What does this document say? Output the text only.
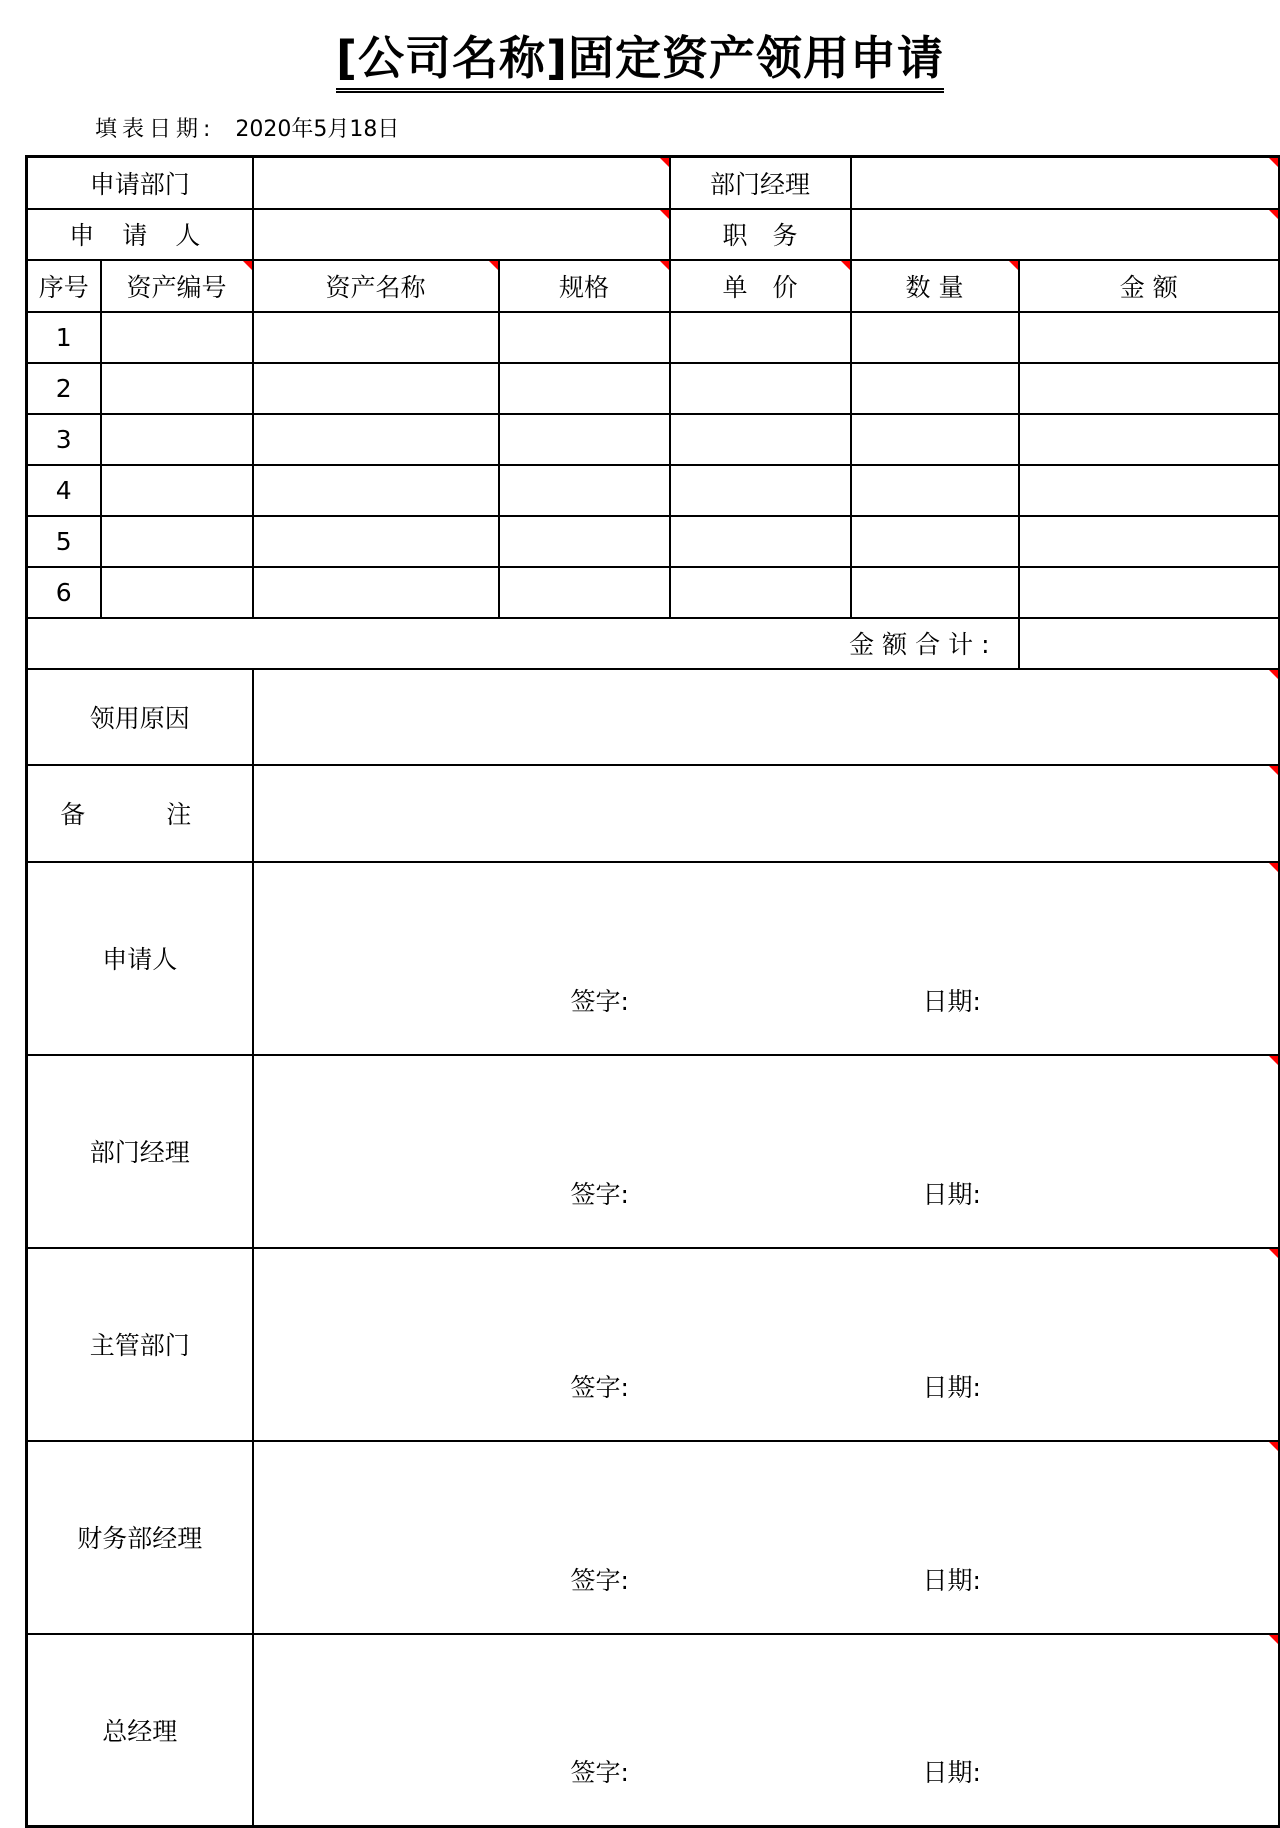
[公司名称]固定资产领用申请
填表日期: 2020年5月18日
申请部门				部门经理		
申 请 人				职　务		
序号	资产编号	资产名称	规格	单　价	数 量	金 额
1						
2						
3						
4						
5						
6						
金额合计:						
领用原因						
备　注						
申请人		签字: 日期:				

部门经理		签字: 日期:				

主管部门		签字: 日期:				

财务部经理		签字: 日期:				

总经理		签字: 日期:				
